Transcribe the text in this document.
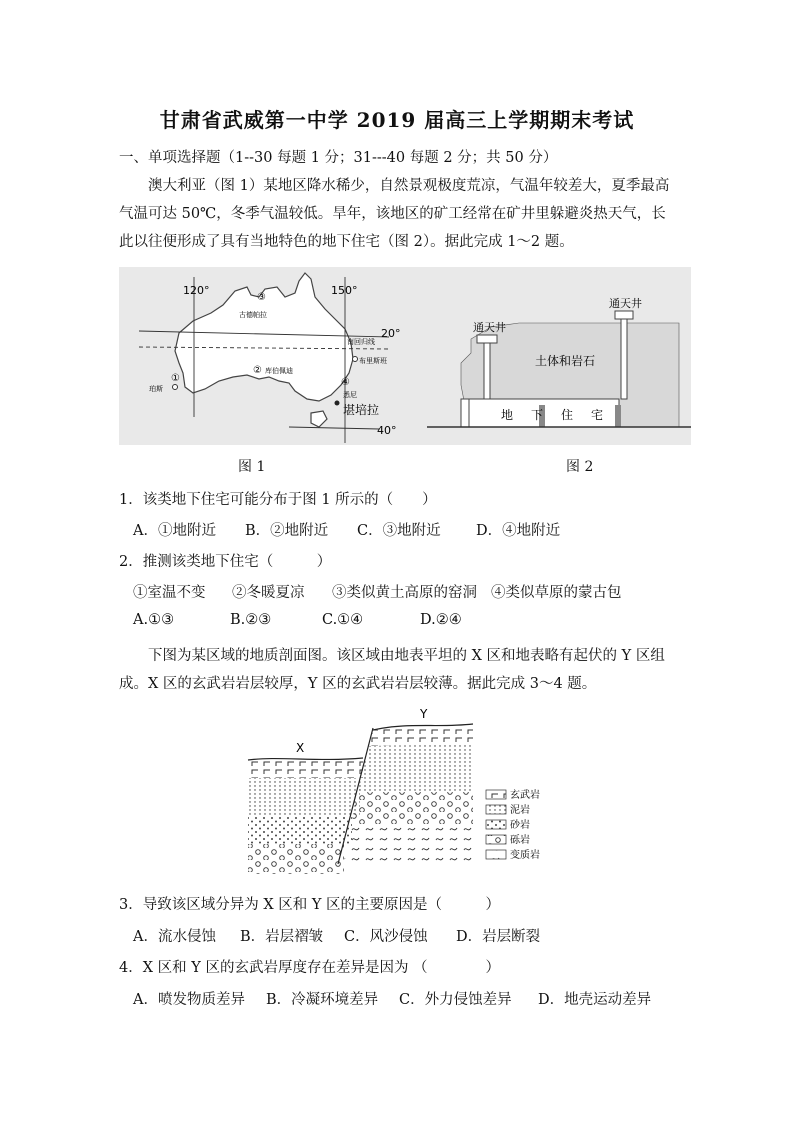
甘肃省武威第一中学 2019 届高三上学期期末考试
一、单项选择题（1--30 每题 1 分；31---40 每题 2 分；共 50 分）
澳大利亚（图 1）某地区降水稀少，自然景观极度荒凉，气温年较差大，夏季最高气温可达 50℃，冬季气温较低。旱年，该地区的矿工经常在矿井里躲避炎热天气，长此以往便形成了具有当地特色的地下住宅（图 2）。据此完成 1～2 题。
120°	150°
20°
40°
南回归线
③
古德帕拉
② 库伯佩迪
布里斯班
①
珀斯
④
悉尼
堪培拉
通天井
通天井
土体和岩石
地 下 住 宅
图 1	图 2
1．该类地下住宅可能分布于图 1 所示的（　　）
A．①地附近 B．②地附近 C．③地附近 D．④地附近
2．推测该类地下住宅（　　　）
①室温不变 ②冬暖夏凉 ③类似黄土高原的窑洞 ④类似草原的蒙古包
A.①③	B.②③	C.①④	D.②④
下图为某区域的地质剖面图。该区域由地表平坦的 X 区和地表略有起伏的 Y 区组成。X 区的玄武岩岩层较厚，Y 区的玄武岩岩层较薄。据此完成 3～4 题。
X
Y
玄武岩
泥岩
砂岩
砾岩
变质岩
3．导致该区域分异为 X 区和 Y 区的主要原因是（　　　）
A．流水侵蚀 B．岩层褶皱 C．风沙侵蚀 D．岩层断裂
4．X 区和 Y 区的玄武岩厚度存在差异是因为 （　　　　）
A．喷发物质差异 B．冷凝环境差异 C．外力侵蚀差异 D．地壳运动差异
